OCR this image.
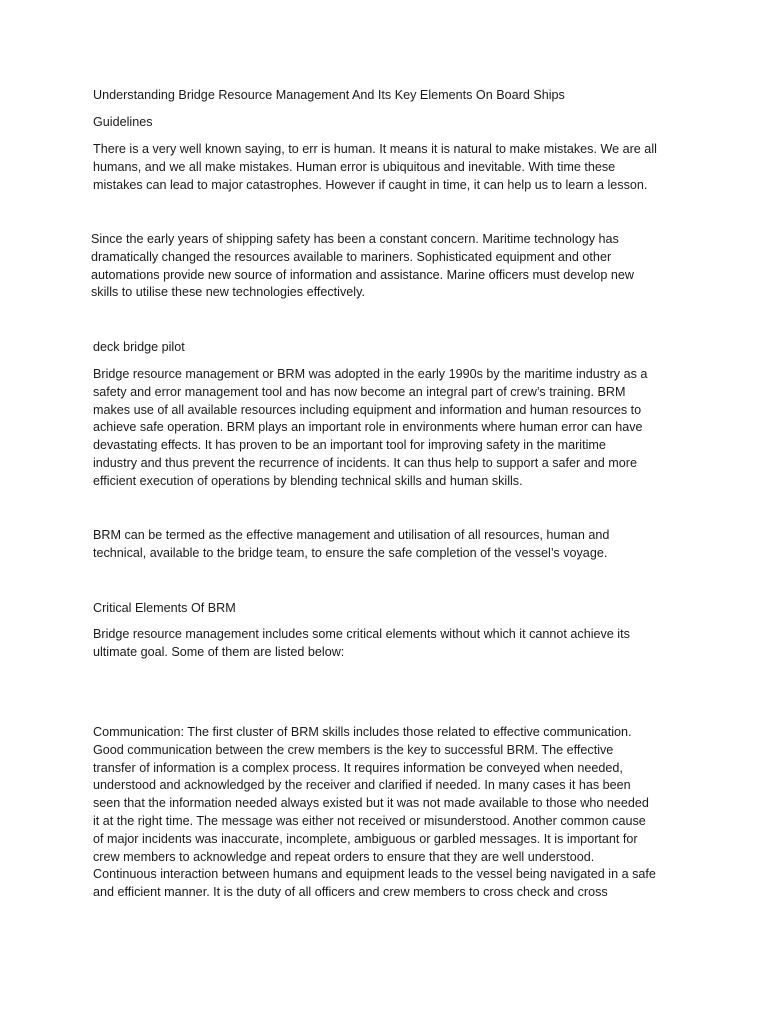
Understanding Bridge Resource Management And Its Key Elements On Board Ships

Guidelines

There is a very well known saying, to err is human. It means it is natural to make mistakes. We are all
humans, and we all make mistakes. Human error is ubiquitous and inevitable. With time these
mistakes can lead to major catastrophes. However if caught in time, it can help us to learn a lesson.

Since the early years of shipping safety has been a constant concern. Maritime technology has
dramatically changed the resources available to mariners. Sophisticated equipment and other
automations provide new source of information and assistance. Marine officers must develop new
skills to utilise these new technologies effectively.

deck bridge pilot

Bridge resource management or BRM was adopted in the early 1990s by the maritime industry as a
safety and error management tool and has now become an integral part of crew’s training. BRM
makes use of all available resources including equipment and information and human resources to
achieve safe operation. BRM plays an important role in environments where human error can have
devastating effects. It has proven to be an important tool for improving safety in the maritime
industry and thus prevent the recurrence of incidents. It can thus help to support a safer and more
efficient execution of operations by blending technical skills and human skills.

BRM can be termed as the effective management and utilisation of all resources, human and
technical, available to the bridge team, to ensure the safe completion of the vessel’s voyage.

Critical Elements Of BRM

Bridge resource management includes some critical elements without which it cannot achieve its
ultimate goal. Some of them are listed below:

Communication: The first cluster of BRM skills includes those related to effective communication.
Good communication between the crew members is the key to successful BRM. The effective
transfer of information is a complex process. It requires information be conveyed when needed,
understood and acknowledged by the receiver and clarified if needed. In many cases it has been
seen that the information needed always existed but it was not made available to those who needed
it at the right time. The message was either not received or misunderstood. Another common cause
of major incidents was inaccurate, incomplete, ambiguous or garbled messages. It is important for
crew members to acknowledge and repeat orders to ensure that they are well understood.
Continuous interaction between humans and equipment leads to the vessel being navigated in a safe
and efficient manner. It is the duty of all officers and crew members to cross check and cross
